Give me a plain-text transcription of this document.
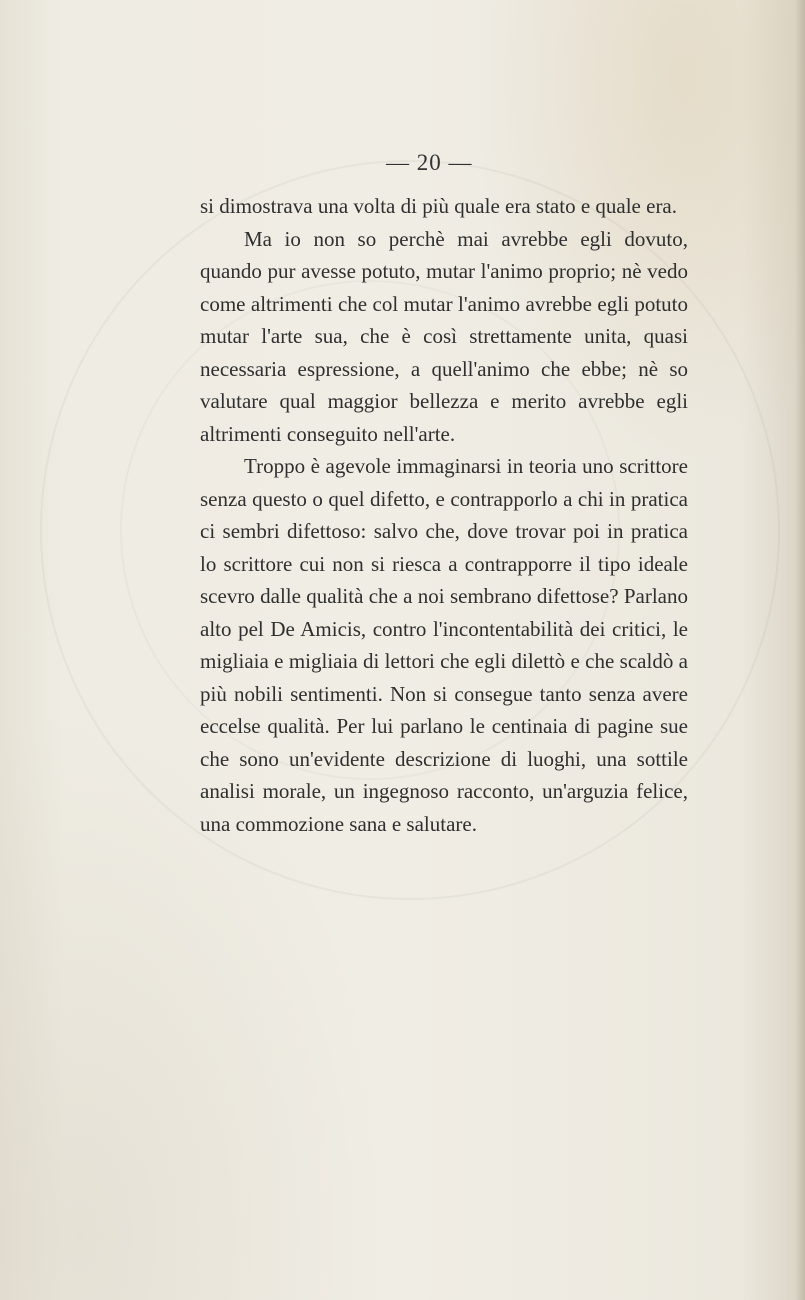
— 20 —

si dimostrava una volta di più quale era stato e quale era.

Ma io non so perchè mai avrebbe egli dovuto, quando pur avesse potuto, mutar l'animo proprio; nè vedo come altrimenti che col mutar l'animo avrebbe egli potuto mutar l'arte sua, che è così strettamente unita, quasi necessaria espressione, a quell'animo che ebbe; nè so valutare qual maggior bellezza e merito avrebbe egli altrimenti conseguito nell'arte.

Troppo è agevole immaginarsi in teoria uno scrittore senza questo o quel difetto, e contrapporlo a chi in pratica ci sembri difettoso: salvo che, dove trovar poi in pratica lo scrittore cui non si riesca a contrapporre il tipo ideale scevro dalle qualità che a noi sembrano difettose? Parlano alto pel De Amicis, contro l'incontentabilità dei critici, le migliaia e migliaia di lettori che egli dilettò e che scaldò a più nobili sentimenti. Non si consegue tanto senza avere eccelse qualità. Per lui parlano le centinaia di pagine sue che sono un'evidente descrizione di luoghi, una sottile analisi morale, un ingegnoso racconto, un'arguzia felice, una commozione sana e salutare.
